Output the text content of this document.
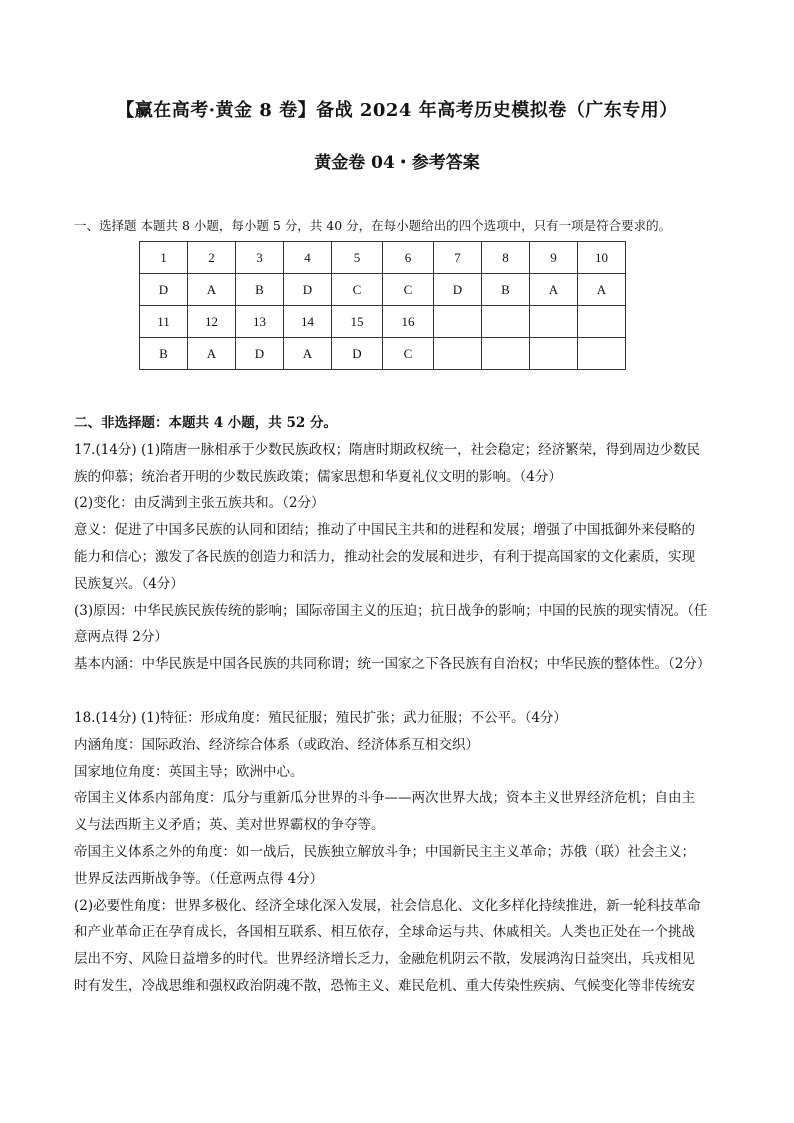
【赢在高考·黄金 8 卷】备战 2024 年高考历史模拟卷（广东专用）
黄金卷 04・参考答案
一、选择题 本题共 8 小题，每小题 5 分，共 40 分，在每小题给出的四个选项中，只有一项是符合要求的。
1	2	3	4	5	6	7	8	9	10
D	A	B	D	C	C	D	B	A	A
11	12	13	14	15	16				
B	A	D	A	D	C				

二、非选择题：本题共 4 小题，共 52 分。

17.(14分) (1)隋唐一脉相承于少数民族政权；隋唐时期政权统一，社会稳定；经济繁荣，得到周边少数民

族的仰慕；统治者开明的少数民族政策；儒家思想和华夏礼仪文明的影响。（4分）

(2)变化：由反满到主张五族共和。（2分）

意义：促进了中国多民族的认同和团结；推动了中国民主共和的进程和发展；增强了中国抵御外来侵略的

能力和信心；激发了各民族的创造力和活力，推动社会的发展和进步，有利于提高国家的文化素质，实现

民族复兴。（4分）

(3)原因：中华民族民族传统的影响；国际帝国主义的压迫；抗日战争的影响；中国的民族的现实情况。（任

意两点得 2分）

基本内涵：中华民族是中国各民族的共同称谓；统一国家之下各民族有自治权；中华民族的整体性。（2分）

18.(14分) (1)特征：形成角度：殖民征服；殖民扩张；武力征服；不公平。（4分）

内涵角度：国际政治、经济综合体系（或政治、经济体系互相交织）

国家地位角度：英国主导；欧洲中心。

帝国主义体系内部角度：瓜分与重新瓜分世界的斗争——两次世界大战；资本主义世界经济危机；自由主

义与法西斯主义矛盾；英、美对世界霸权的争夺等。

帝国主义体系之外的角度：如一战后，民族独立解放斗争；中国新民主主义革命；苏俄（联）社会主义；

世界反法西斯战争等。（任意两点得 4分）

(2)必要性角度：世界多极化、经济全球化深入发展，社会信息化、文化多样化持续推进，新一轮科技革命

和产业革命正在孕育成长，各国相互联系、相互依存，全球命运与共、休戚相关。人类也正处在一个挑战

层出不穷、风险日益增多的时代。世界经济增长乏力，金融危机阴云不散，发展鸿沟日益突出，兵戎相见

时有发生，冷战思维和强权政治阴魂不散，恐怖主义、难民危机、重大传染性疾病、气候变化等非传统安
